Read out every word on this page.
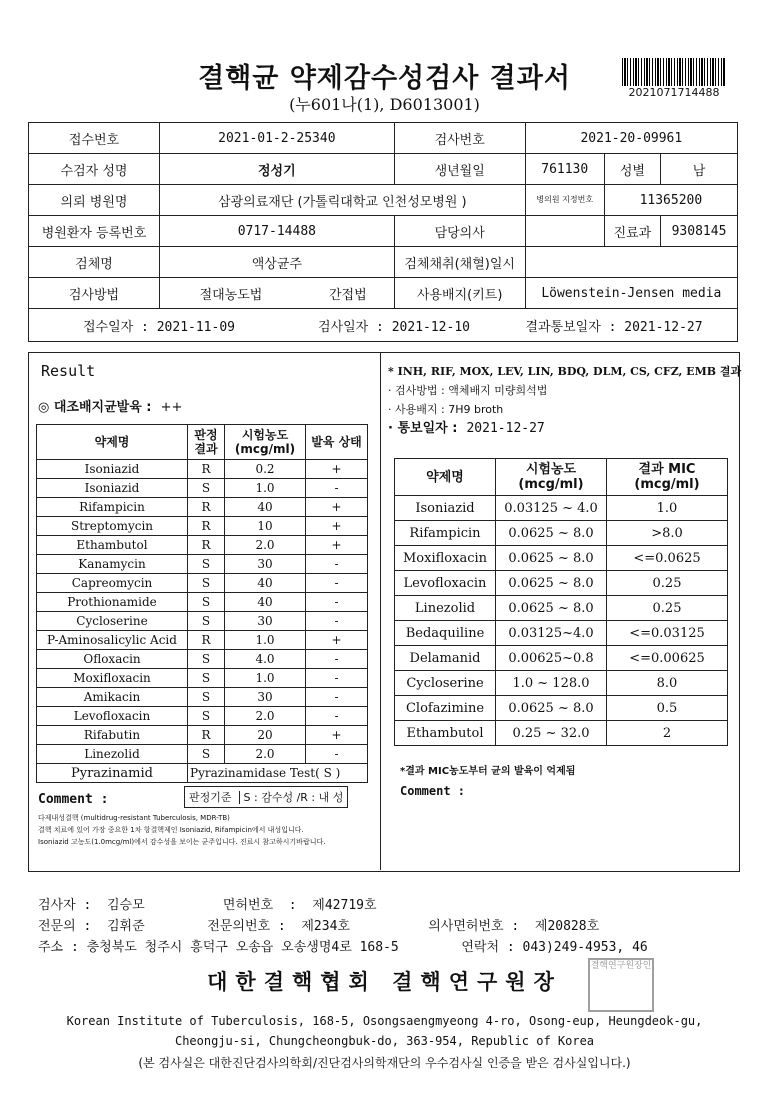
결핵균 약제감수성검사 결과서
(누601나(1), D6013001)
2021071714488
접수번호	2021-01-2-25340		검사번호	2021-20-09961		
수검자 성명	정성기		생년월일	761130	성별	남
의뢰 병원명	삼광의료재단 (가톨릭대학교 인천성모병원 )			병의원 지정번호	11365200	
병원환자 등록번호	0717-14488		담당의사		진료과	9308145
검체명	액상균주		검체채취(채혈)일시			
검사방법	절대농도법	간접법	사용배지(키트)	Löwenstein-Jensen media		
접수일자 : 2021-11-09 검사일자 : 2021-12-10 결과통보일자 : 2021-12-27						
Result
◎ 대조배지균발육 : ++
약제명	판정 결과	시험농도 (mcg/ml)	발육 상태
Isoniazid	R	0.2	+
Isoniazid	S	1.0	-
Rifampicin	R	40	+
Streptomycin	R	10	+
Ethambutol	R	2.0	+
Kanamycin	S	30	-
Capreomycin	S	40	-
Prothionamide	S	40	-
Cycloserine	S	30	-
P-Aminosalicylic Acid	R	1.0	+
Ofloxacin	S	4.0	-
Moxifloxacin	S	1.0	-
Amikacin	S	30	-
Levofloxacin	S	2.0	-
Rifabutin	R	20	+
Linezolid	S	2.0	-
Pyrazinamid	Pyrazinamidase Test( S )		
Comment :	판정기준 S : 감수성 /R : 내 성
다제내성결핵 (multidrug-resistant Tuberculosis, MDR-TB)
결핵 치료에 있어 가장 중요한 1차 항결핵제인 Isoniazid, Rifampicin에서 내성입니다.
Isoniazid 고농도(1.0mcg/ml)에서 감수성을 보이는 균주입니다. 진료시 참고하시기바랍니다.
* INH, RIF, MOX, LEV, LIN, BDQ, DLM, CS, CFZ, EMB 결과
· 검사방법 : 액체배지 미량희석법
· 사용배지 : 7H9 broth
· 통보일자 : 2021-12-27
약제명	시험농도 (mcg/ml)	결과 MIC (mcg/ml)
Isoniazid	0.03125 ~ 4.0	1.0
Rifampicin	0.0625 ~ 8.0	>8.0
Moxifloxacin	0.0625 ~ 8.0	<=0.0625
Levofloxacin	0.0625 ~ 8.0	0.25
Linezolid	0.0625 ~ 8.0	0.25
Bedaquiline	0.03125~4.0	<=0.03125
Delamanid	0.00625~0.8	<=0.00625
Cycloserine	1.0 ~ 128.0	8.0
Clofazimine	0.0625 ~ 8.0	0.5
Ethambutol	0.25 ~ 32.0	2
*결과 MIC농도부터 균의 발육이 억제됨
Comment :
검사자 :  김승모          면허번호  :  제42719호
전문의 :  김휘준        전문의번호 :  제234호          의사면허번호 :  제20828호
주소 : 충청북도 청주시 흥덕구 오송읍 오송생명4로 168-5        연락처 : 043)249-4953, 46
대한결핵협회 결핵연구원장
결핵연구원장인
Korean Institute of Tuberculosis, 168-5, Osongsaengmyeong 4-ro, Osong-eup, Heungdeok-gu,
Cheongju-si, Chungcheongbuk-do, 363-954, Republic of Korea
(본 검사실은 대한진단검사의학회/진단검사의학재단의 우수검사실 인증을 받은 검사실입니다.)
